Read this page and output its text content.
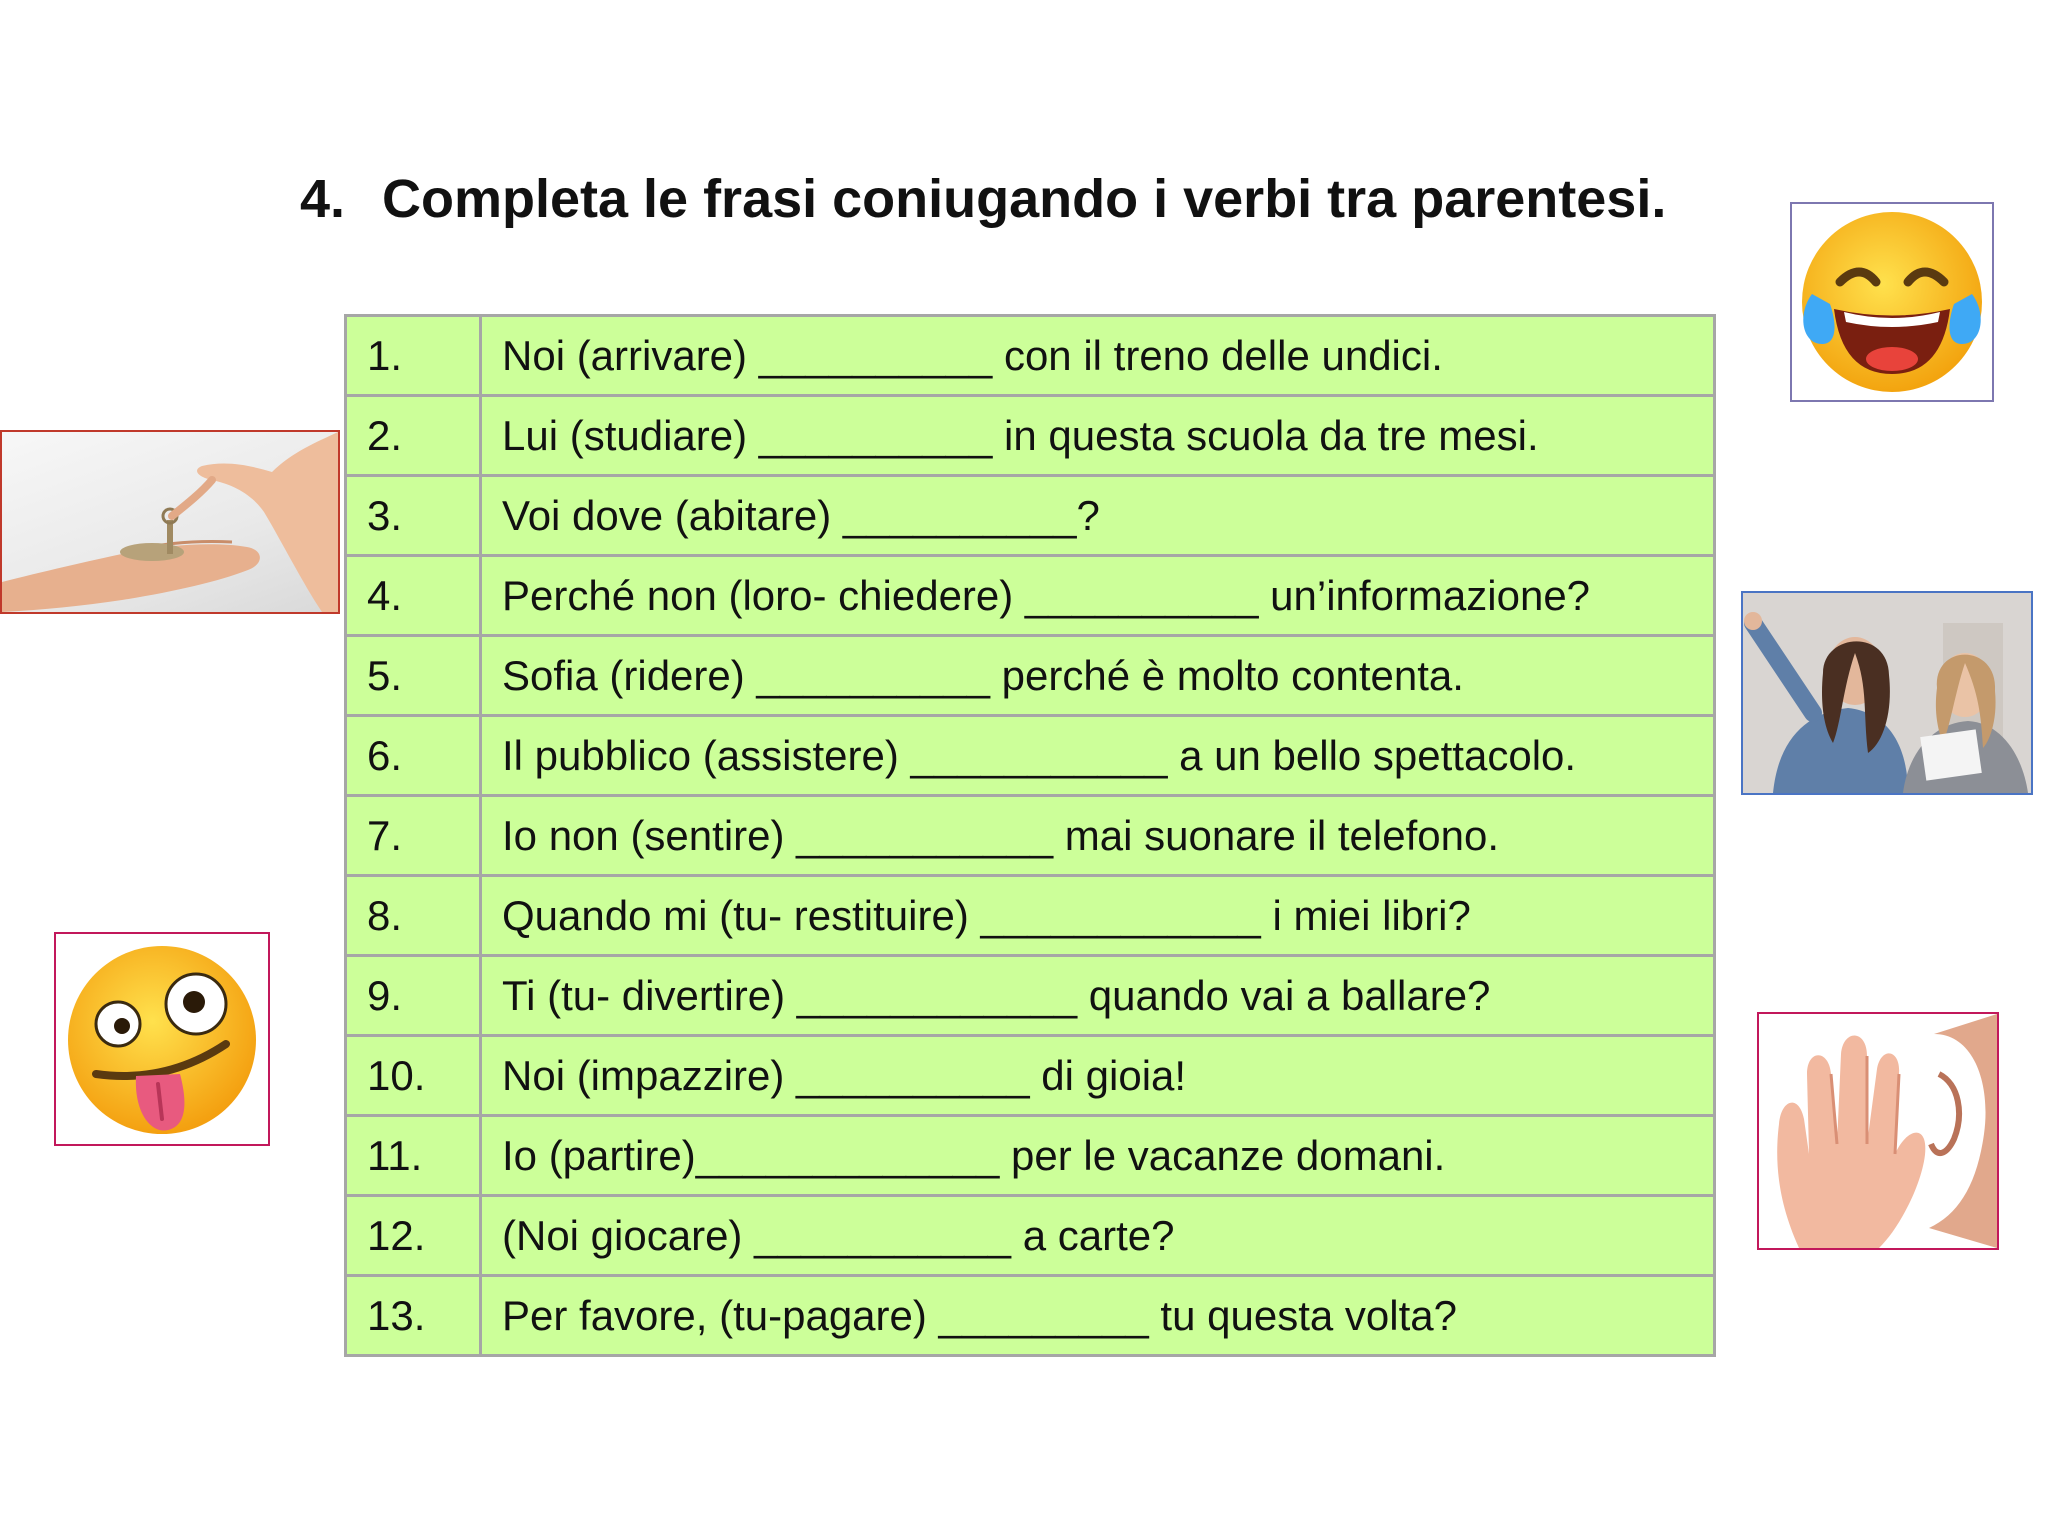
4. Completa le frasi coniugando i verbi tra parentesi.
1.	Noi (arrivare) __________ con il treno delle undici.
2.	Lui (studiare) __________ in questa scuola da tre mesi.
3.	Voi dove (abitare) __________?
4.	Perché non (loro- chiedere) __________ un’informazione?
5.	Sofia (ridere) __________ perché è molto contenta.
6.	Il pubblico (assistere) ___________ a un bello spettacolo.
7.	Io non (sentire) ___________ mai suonare il telefono.
8.	Quando mi (tu- restituire) ____________ i miei libri?
9.	Ti (tu- divertire) ____________ quando vai a ballare?
10.	Noi (impazzire) __________ di gioia!
11.	Io (partire)_____________ per le vacanze domani.
12.	(Noi giocare) ___________ a carte?
13.	Per favore, (tu-pagare) _________ tu questa volta?
